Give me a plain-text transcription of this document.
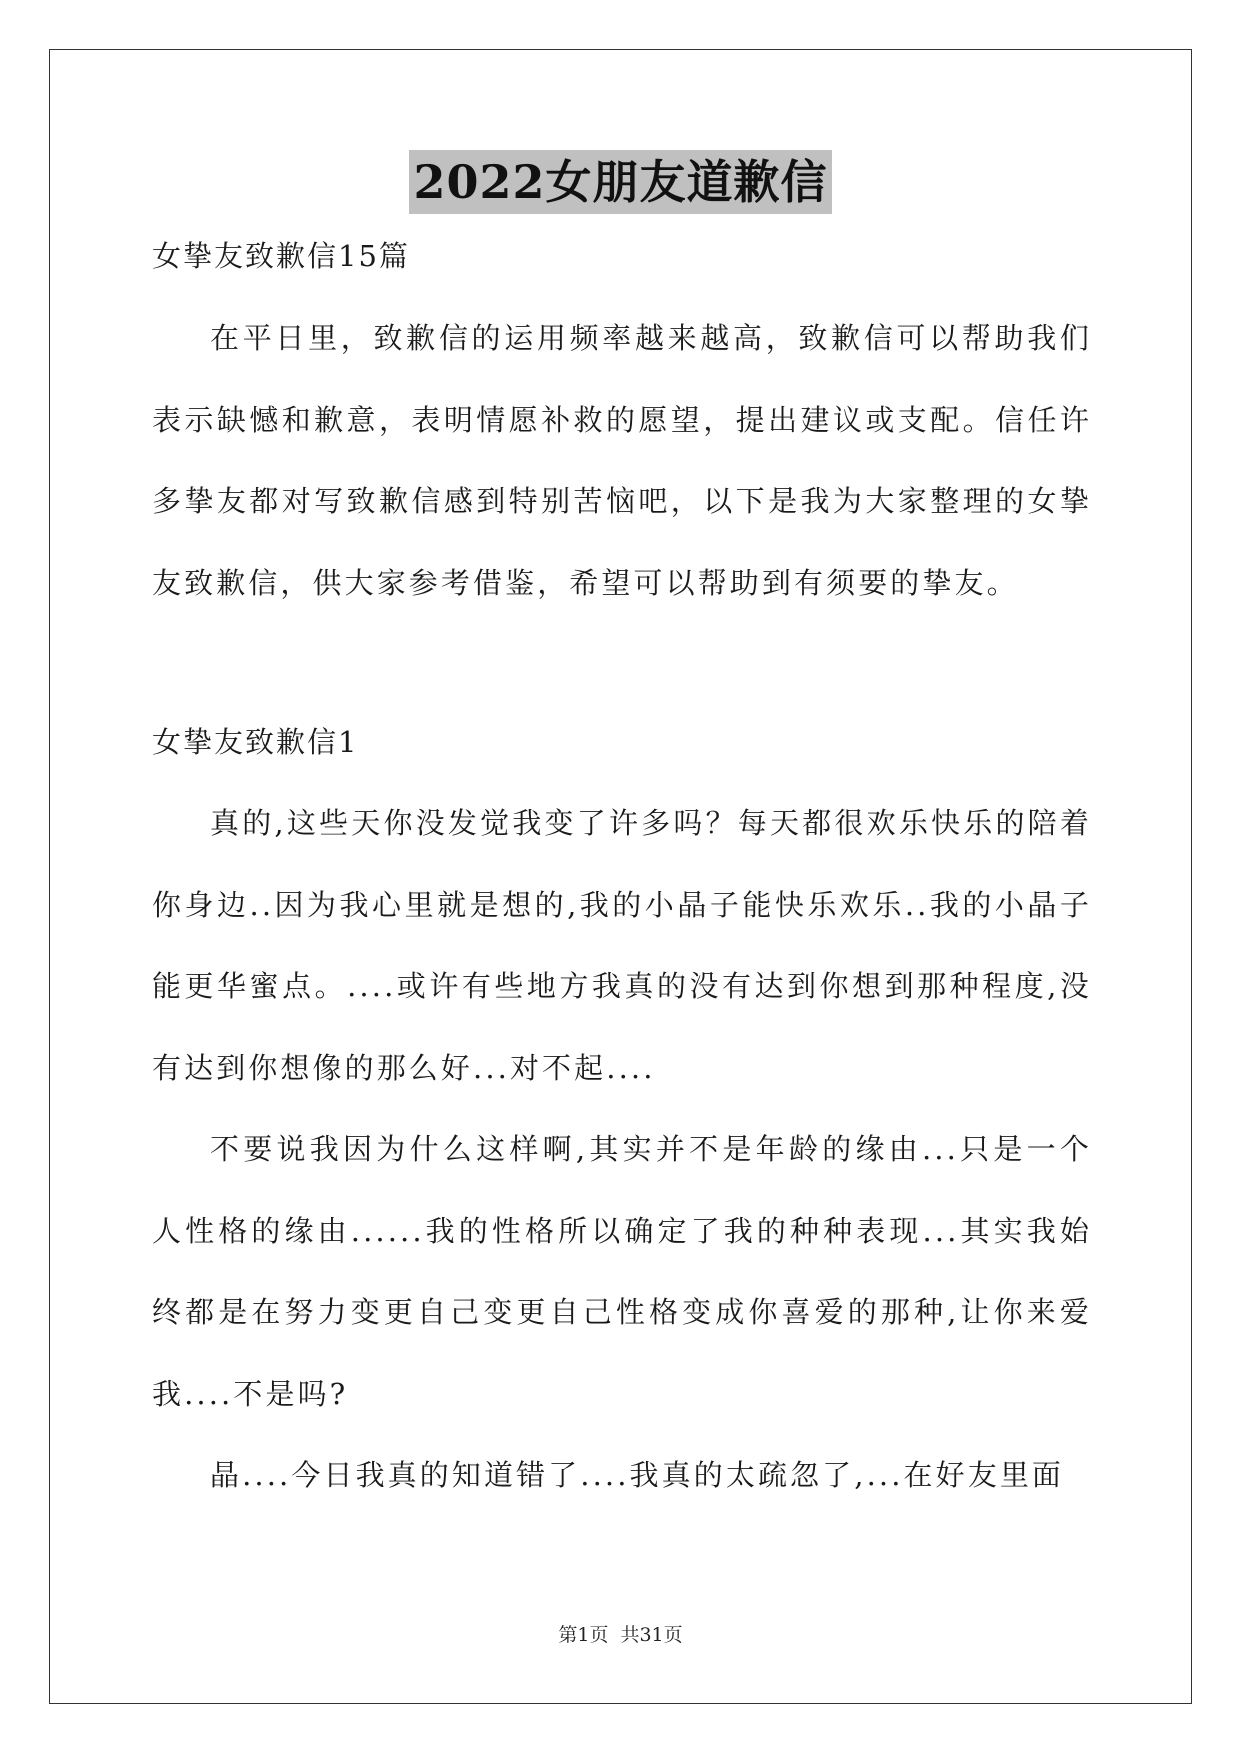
2022女朋友道歉信

女挚友致歉信15篇

在平日里，致歉信的运用频率越来越高，致歉信可以帮助我们表示缺憾和歉意，表明情愿补救的愿望，提出建议或支配。信任许多挚友都对写致歉信感到特别苦恼吧，以下是我为大家整理的女挚友致歉信，供大家参考借鉴，希望可以帮助到有须要的挚友。

女挚友致歉信1

真的,这些天你没发觉我变了许多吗？每天都很欢乐快乐的陪着你身边..因为我心里就是想的,我的小晶子能快乐欢乐..我的小晶子能更华蜜点。....或许有些地方我真的没有达到你想到那种程度,没有达到你想像的那么好...对不起....

不要说我因为什么这样啊,其实并不是年龄的缘由...只是一个人性格的缘由......我的性格所以确定了我的种种表现...其实我始终都是在努力变更自己变更自己性格变成你喜爱的那种,让你来爱我....不是吗?

晶....今日我真的知道错了....我真的太疏忽了,...在好友里面

第1页 共31页
